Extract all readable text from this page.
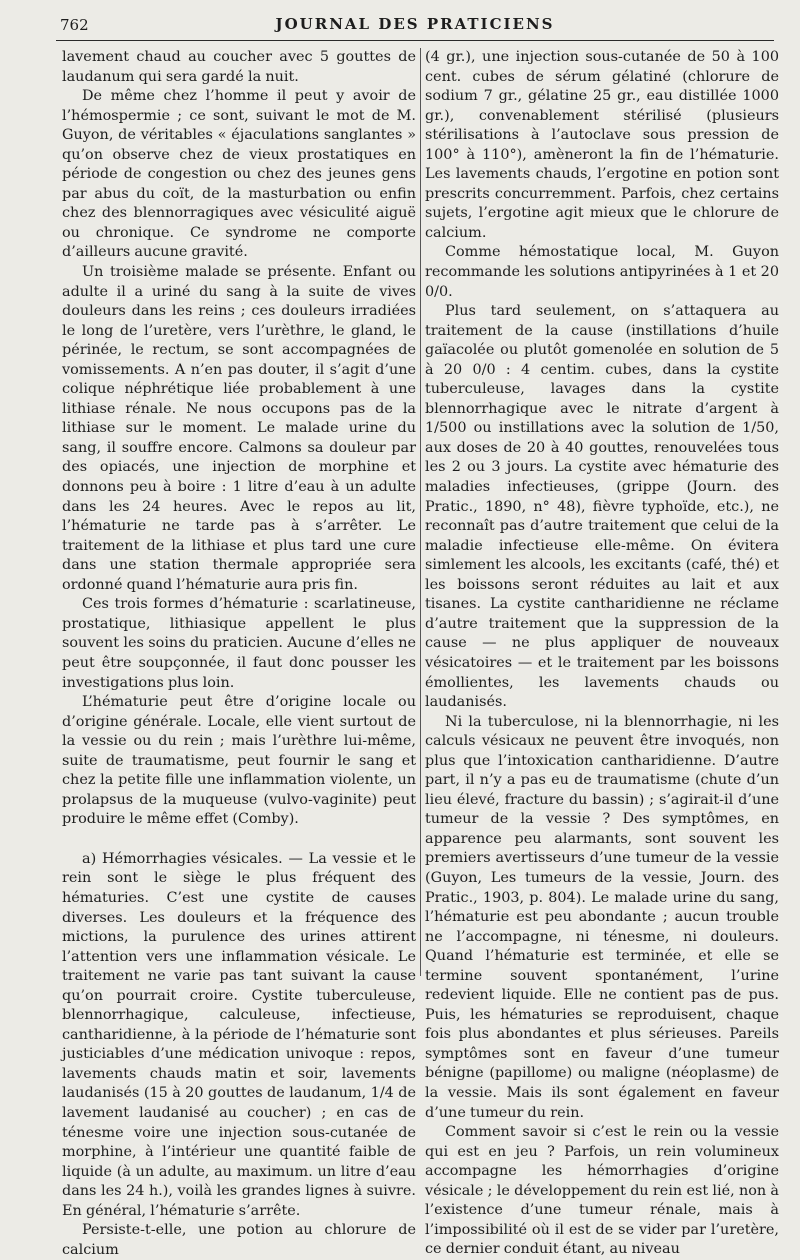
762	JOURNAL DES PRATICIENS

lavement chaud au coucher avec 5 gouttes de laudanum qui sera gardé la nuit.

De même chez l’homme il peut y avoir de l’hémospermie ; ce sont, suivant le mot de M. Guyon, de véritables « éjaculations sanglantes » qu’on observe chez de vieux prostatiques en période de congestion ou chez des jeunes gens par abus du coït, de la masturbation ou enfin chez des blennorragiques avec vésiculité aiguë ou chronique. Ce syndrome ne comporte d’ailleurs aucune gravité.

Un troisième malade se présente. Enfant ou adulte il a uriné du sang à la suite de vives douleurs dans les reins ; ces douleurs irradiées le long de l’uretère, vers l’urèthre, le gland, le périnée, le rectum, se sont accompagnées de vomissements. A n’en pas douter, il s’agit d’une colique néphrétique liée probablement à une lithiase rénale. Ne nous occupons pas de la lithiase sur le moment. Le malade urine du sang, il souffre encore. Calmons sa douleur par des opiacés, une injection de morphine et donnons peu à boire : 1 litre d’eau à un adulte dans les 24 heures. Avec le repos au lit, l’hématurie ne tarde pas à s’arrêter. Le traitement de la lithiase et plus tard une cure dans une station thermale appropriée sera ordonné quand l’hématurie aura pris fin.

Ces trois formes d’hématurie : scarlatineuse, prostatique, lithiasique appellent le plus souvent les soins du praticien. Aucune d’elles ne peut être soupçonnée, il faut donc pousser les investigations plus loin.

L’hématurie peut être d’origine locale ou d’origine générale. Locale, elle vient surtout de la vessie ou du rein ; mais l’urèthre lui-même, suite de traumatisme, peut fournir le sang et chez la petite fille une inflammation violente, un prolapsus de la muqueuse (vulvo-vaginite) peut produire le même effet (Comby).

a) Hémorrhagies vésicales. — La vessie et le rein sont le siège le plus fréquent des hématuries. C’est une cystite de causes diverses. Les douleurs et la fréquence des mictions, la purulence des urines attirent l’attention vers une inflammation vésicale. Le traitement ne varie pas tant suivant la cause qu’on pourrait croire. Cystite tuberculeuse, blennorrhagique, calculeuse, infectieuse, cantharidienne, à la période de l’hématurie sont justiciables d’une médication univoque : repos, lavements chauds matin et soir, lavements laudanisés (15 à 20 gouttes de laudanum, 1/4 de lavement laudanisé au coucher) ; en cas de ténesme voire une injection sous-cutanée de morphine, à l’intérieur une quantité faible de liquide (à un adulte, au maximum. un litre d’eau dans les 24 h.), voilà les grandes lignes à suivre. En général, l’hématurie s’arrête.

Persiste-t-elle, une potion au chlorure de calcium

(4 gr.), une injection sous-cutanée de 50 à 100 cent. cubes de sérum gélatiné (chlorure de sodium 7 gr., gélatine 25 gr., eau distillée 1000 gr.), convenablement stérilisé (plusieurs stérilisations à l’autoclave sous pression de 100° à 110°), amèneront la fin de l’hématurie. Les lavements chauds, l’ergotine en potion sont prescrits concurremment. Parfois, chez certains sujets, l’ergotine agit mieux que le chlorure de calcium.

Comme hémostatique local, M. Guyon recommande les solutions antipyrinées à 1 et 20 0/0.

Plus tard seulement, on s’attaquera au traitement de la cause (instillations d’huile gaïacolée ou plutôt gomenolée en solution de 5 à 20 0/0 : 4 centim. cubes, dans la cystite tuberculeuse, lavages dans la cystite blennorrhagique avec le nitrate d’argent à 1/500 ou instillations avec la solution de 1/50, aux doses de 20 à 40 gouttes, renouvelées tous les 2 ou 3 jours. La cystite avec hématurie des maladies infectieuses, (grippe (Journ. des Pratic., 1890, n° 48), fièvre typhoïde, etc.), ne reconnaît pas d’autre traitement que celui de la maladie infectieuse elle-même. On évitera simlement les alcools, les excitants (café, thé) et les boissons seront réduites au lait et aux tisanes. La cystite cantharidienne ne réclame d’autre traitement que la suppression de la cause — ne plus appliquer de nouveaux vésicatoires — et le traitement par les boissons émollientes, les lavements chauds ou laudanisés.

Ni la tuberculose, ni la blennorrhagie, ni les calculs vésicaux ne peuvent être invoqués, non plus que l’intoxication cantharidienne. D’autre part, il n’y a pas eu de traumatisme (chute d’un lieu élevé, fracture du bassin) ; s’agirait-il d’une tumeur de la vessie ? Des symptômes, en apparence peu alarmants, sont souvent les premiers avertisseurs d’une tumeur de la vessie (Guyon, Les tumeurs de la vessie, Journ. des Pratic., 1903, p. 804). Le malade urine du sang, l’hématurie est peu abondante ; aucun trouble ne l’accompagne, ni ténesme, ni douleurs. Quand l’hématurie est terminée, et elle se termine souvent spontanément, l’urine redevient liquide. Elle ne contient pas de pus. Puis, les hématuries se reproduisent, chaque fois plus abondantes et plus sérieuses. Pareils symptômes sont en faveur d’une tumeur bénigne (papillome) ou maligne (néoplasme) de la vessie. Mais ils sont également en faveur d’une tumeur du rein.

Comment savoir si c’est le rein ou la vessie qui est en jeu ? Parfois, un rein volumineux accompagne les hémorrhagies d’origine vésicale ; le développement du rein est lié, non à l’existence d’une tumeur rénale, mais à l’impossibilité où il est de se vider par l’uretère, ce dernier conduit étant, au niveau
